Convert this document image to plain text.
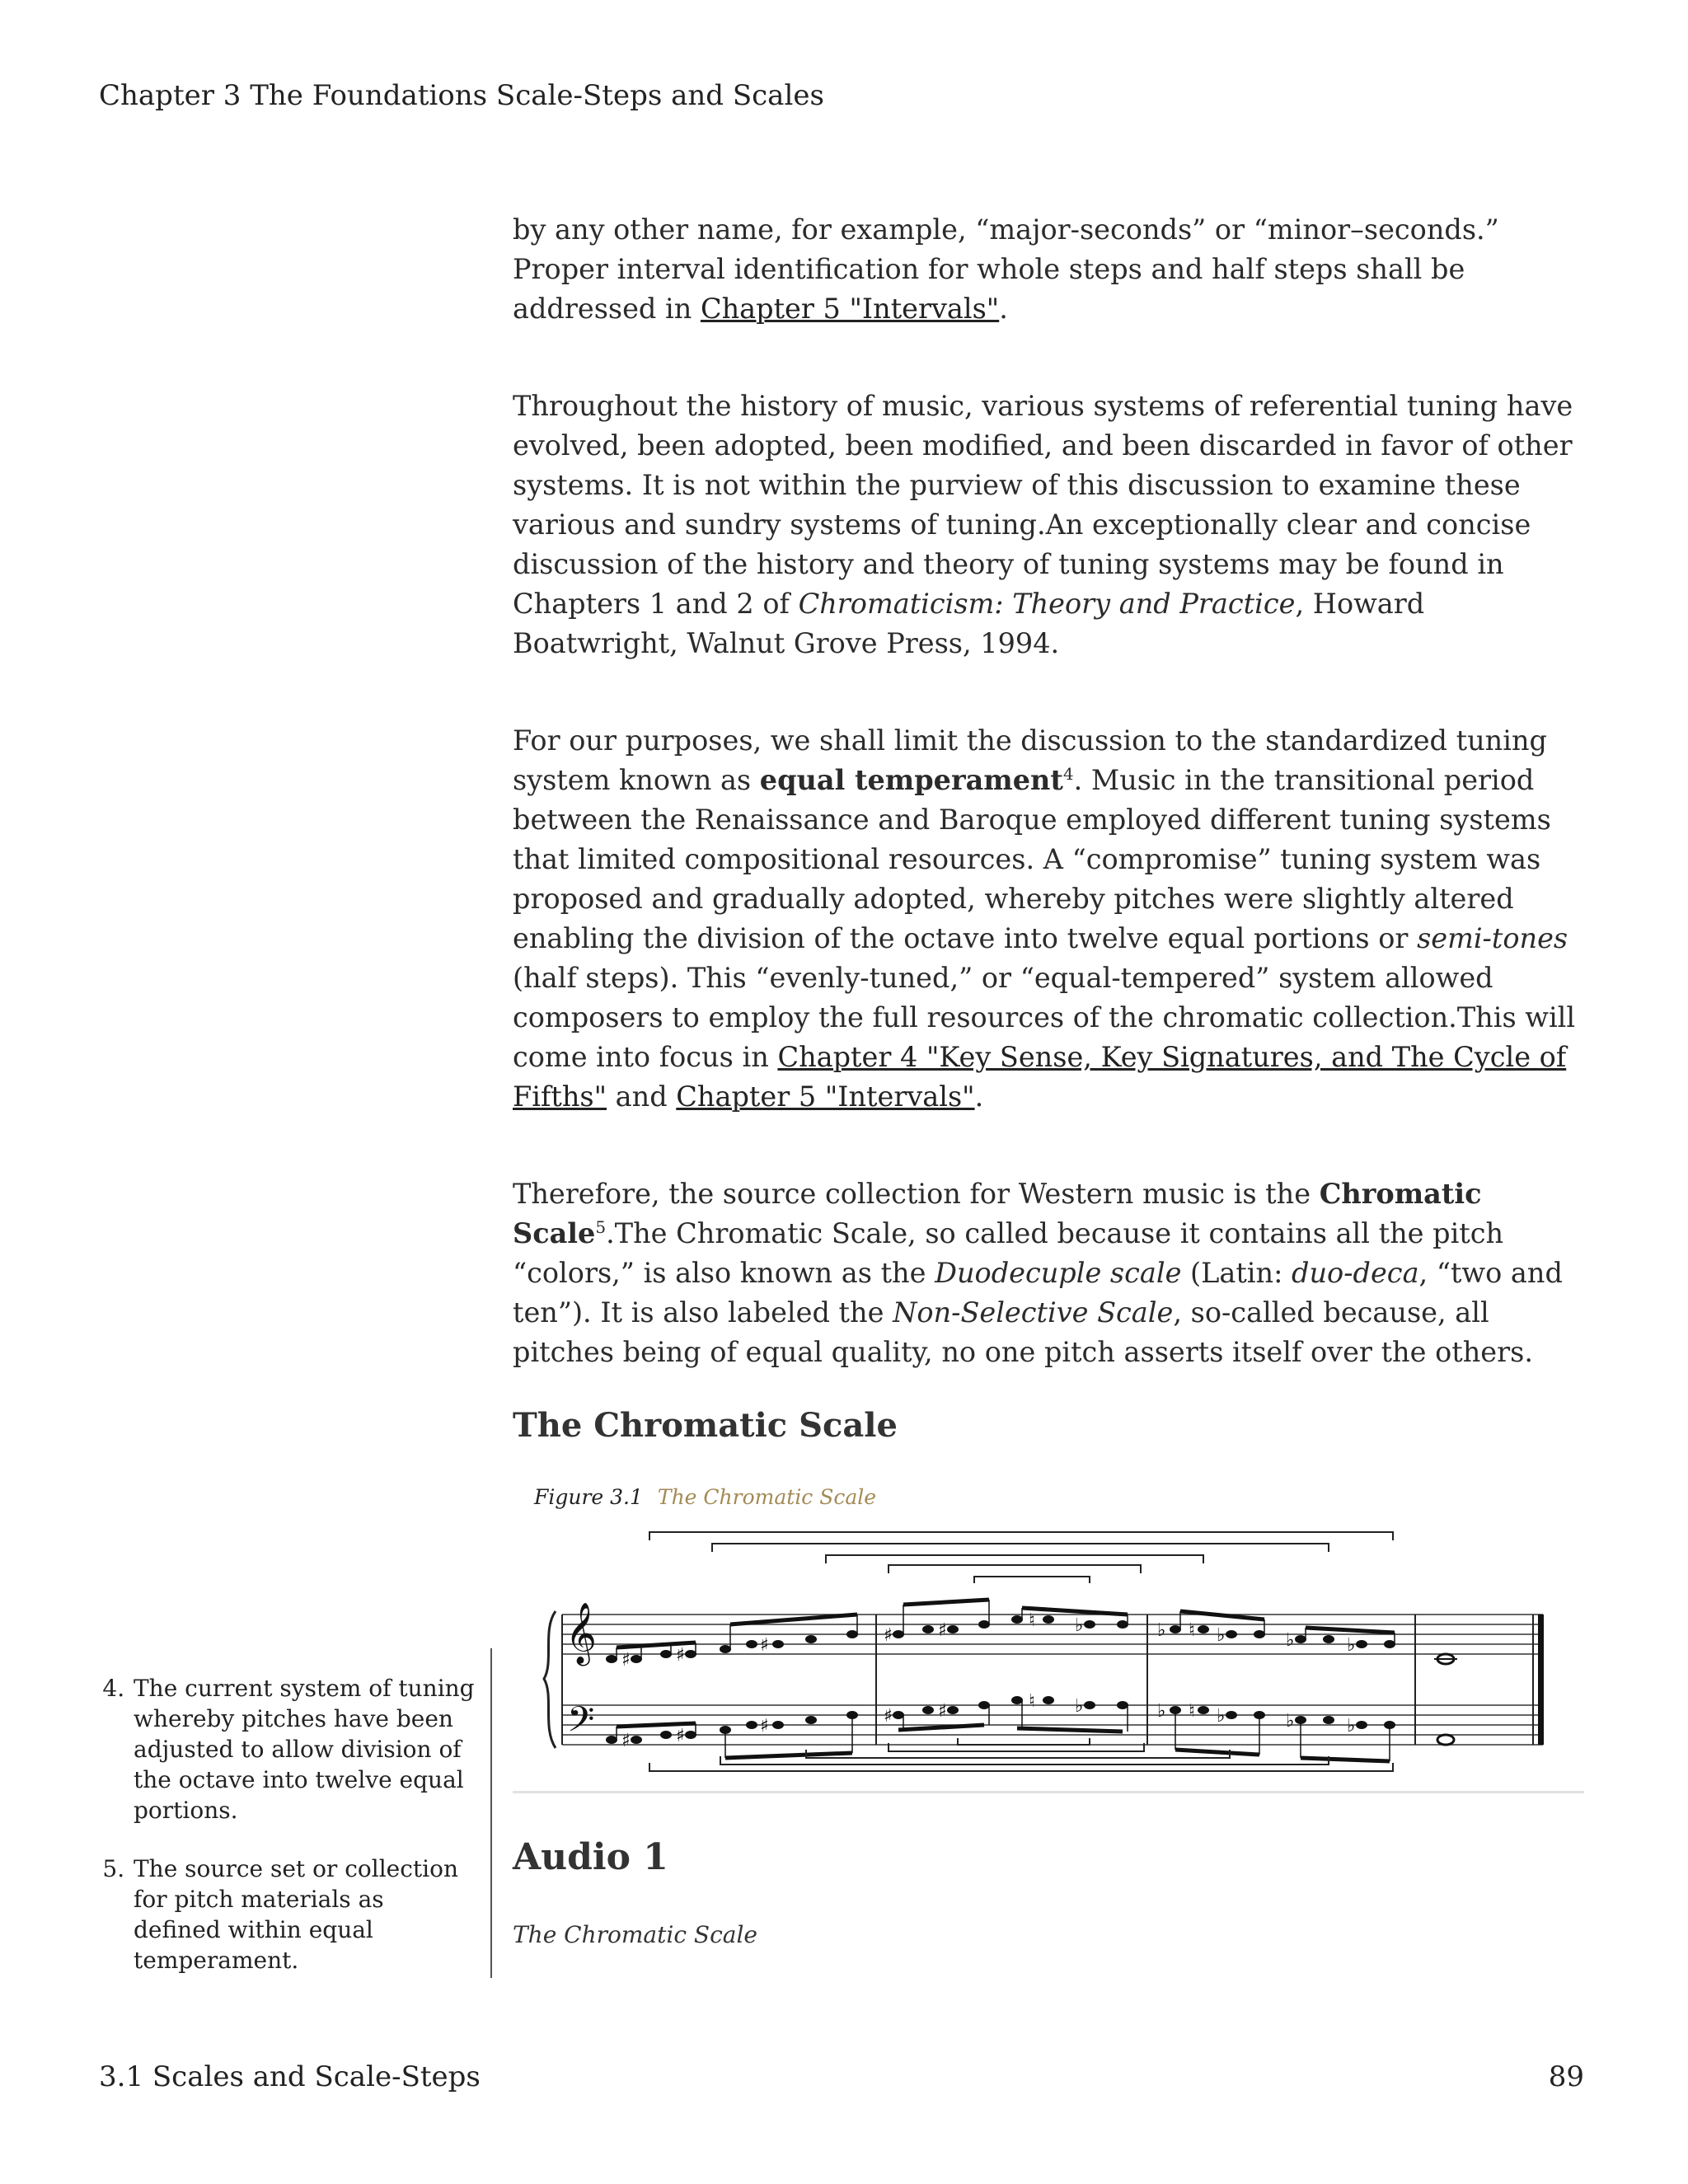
Chapter 3 The Foundations Scale-Steps and Scales

by any other name, for example, “major-seconds” or “minor–seconds.” Proper interval identification for whole steps and half steps shall be addressed in Chapter 5 "Intervals".

Throughout the history of music, various systems of referential tuning have evolved, been adopted, been modified, and been discarded in favor of other systems. It is not within the purview of this discussion to examine these various and sundry systems of tuning.An exceptionally clear and concise discussion of the history and theory of tuning systems may be found in Chapters 1 and 2 of Chromaticism: Theory and Practice, Howard Boatwright, Walnut Grove Press, 1994.

For our purposes, we shall limit the discussion to the standardized tuning system known as equal temperament$^4$. Music in the transitional period between the Renaissance and Baroque employed different tuning systems that limited compositional resources. A “compromise” tuning system was proposed and gradually adopted, whereby pitches were slightly altered enabling the division of the octave into twelve equal portions or semi-tones (half steps). This “evenly-tuned,” or “equal-tempered” system allowed composers to employ the full resources of the chromatic collection.This will come into focus in Chapter 4 "Key Sense, Key Signatures, and The Cycle of Fifths" and Chapter 5 "Intervals".

Therefore, the source collection for Western music is the Chromatic Scale$^5$.The Chromatic Scale, so called because it contains all the pitch “colors,” is also known as the Duodecuple scale (Latin: duo-deca, “two and ten”). It is also labeled the Non-Selective Scale, so-called because, all pitches being of equal quality, no one pitch asserts itself over the others.

The Chromatic Scale
Figure 3.1 The Chromatic Scale
𝄞
𝄢
♯	♯	♯	♯	♯	♮ ♭	♭ ♮ ♭	♭	♭
♯	♯	♯	♯	♯	♮ ♭	♭ ♮ ♭	♭	♭
Audio 1
The Chromatic Scale
4. The current system of tuning whereby pitches have been adjusted to allow division of the octave into twelve equal portions.
5. The source set or collection for pitch materials as defined within equal temperament.
3.1 Scales and Scale-Steps	89
